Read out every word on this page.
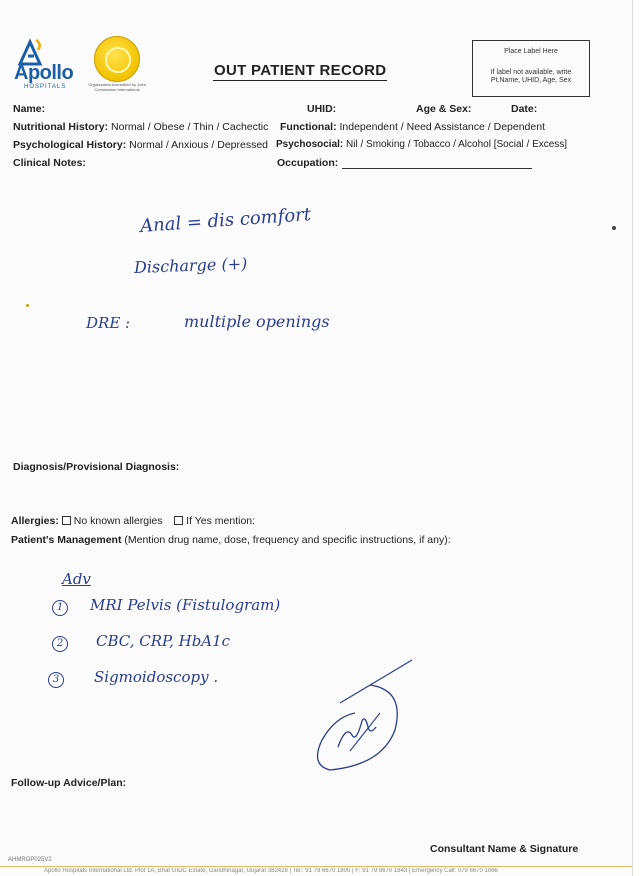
Apollo
HOSPITALS	Organization Accredited by Joint Commission International
OUT PATIENT RECORD
Place Label Here
If label not available, write Pt.Name, UHID, Age, Sex
Name:	UHID:	Age & Sex:	Date:
Nutritional History: Normal / Obese / Thin / Cachectic Functional: Independent / Need Assistance / Dependent
Psychological History: Normal / Anxious / Depressed Psychosocial: Nil / Smoking / Tobacco / Alcohol [Social / Excess]
Clinical Notes:	Occupation:
Anal = dis comfort
Discharge (+)
DRE :	multiple openings
Diagnosis/Provisional Diagnosis:
Allergies: No known allergies If Yes mention:
Patient's Management (Mention drug name, dose, frequency and specific instructions, if any):
Adv
1 MRI Pelvis (Fistulogram)
2 CBC, CRP, HbA1c
3 Sigmoidoscopy .
Follow-up Advice/Plan:
Consultant Name & Signature
AHMROP025V2
Apollo Hospitals International Ltd. Plot 1A, Bhat GIDC Estate, Gandhinagar, Gujarat 382428 | Tel.: 91 79 6670 1800 | F: 91 79 6670 1843 | Emergency Call: 079 6670 1066
